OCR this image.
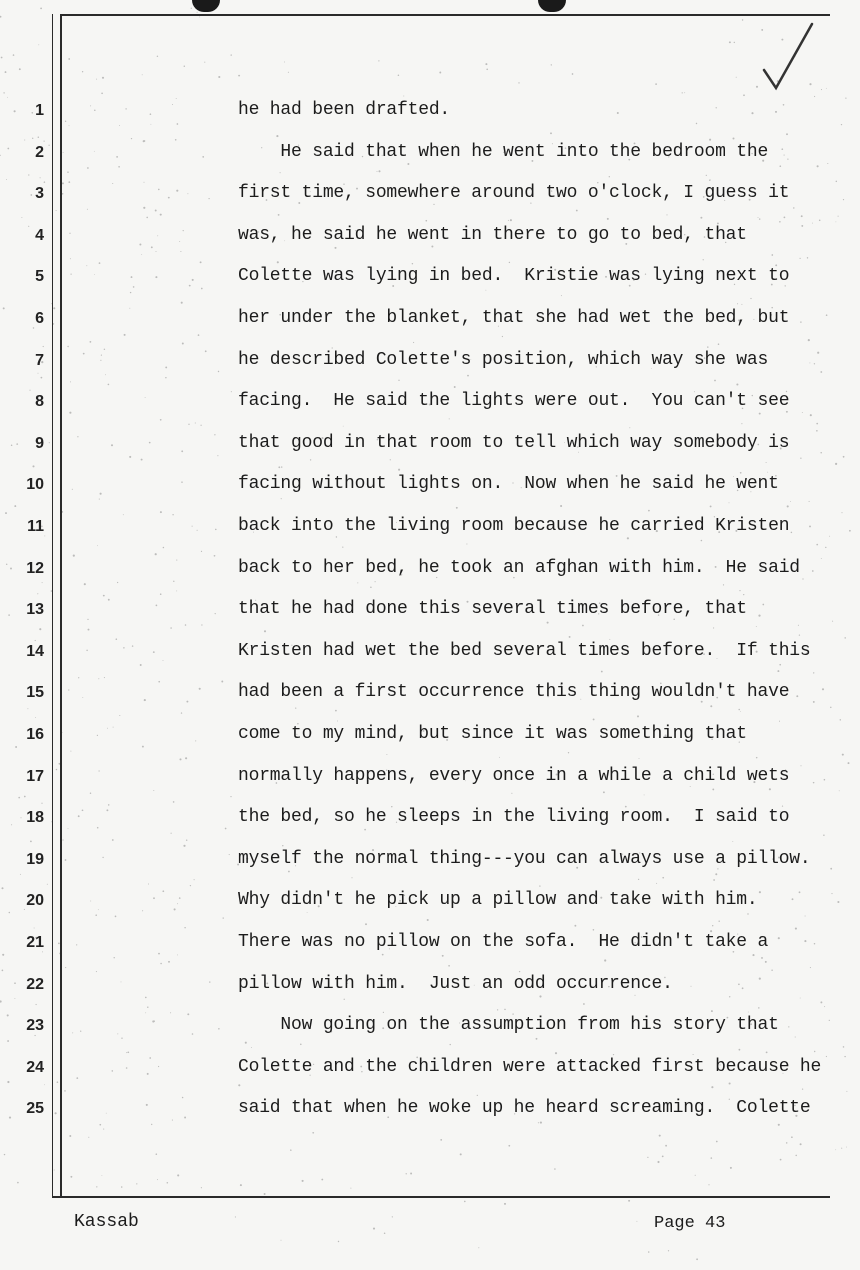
1
2
3
4
5
6
7
8
9
10
11
12
13
14
15
16
17
18
19
20
21
22
23
24
25
he had been drafted.
He said that when he went into the bedroom the
first time, somewhere around two o'clock, I guess it
was, he said he went in there to go to bed, that
Colette was lying in bed.  Kristie was lying next to
her under the blanket, that she had wet the bed, but
he described Colette's position, which way she was
facing.  He said the lights were out.  You can't see
that good in that room to tell which way somebody is
facing without lights on.  Now when he said he went
back into the living room because he carried Kristen
back to her bed, he took an afghan with him.  He said
that he had done this several times before, that
Kristen had wet the bed several times before.  If this
had been a first occurrence this thing wouldn't have
come to my mind, but since it was something that
normally happens, every once in a while a child wets
the bed, so he sleeps in the living room.  I said to
myself the normal thing---you can always use a pillow.
Why didn't he pick up a pillow and take with him.
There was no pillow on the sofa.  He didn't take a
pillow with him.  Just an odd occurrence.
Now going on the assumption from his story that
Colette and the children were attacked first because he
said that when he woke up he heard screaming.  Colette
Kassab	Page 43
